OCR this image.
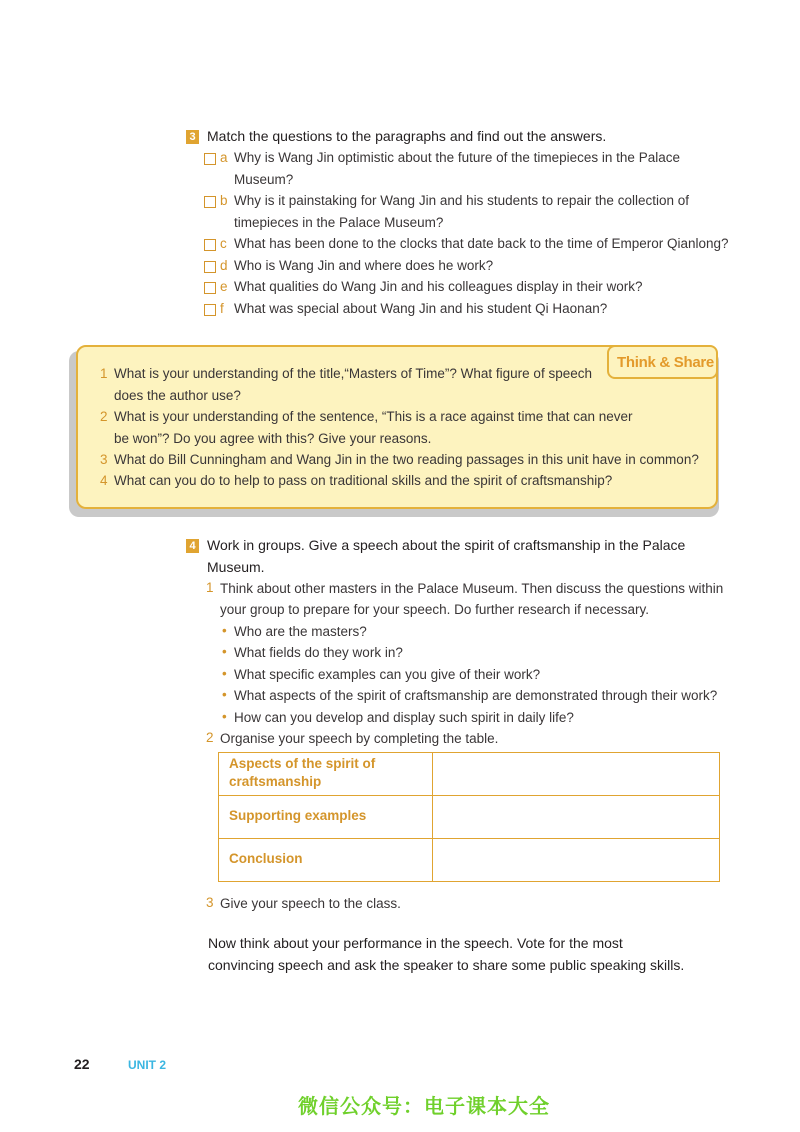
3 Match the questions to the paragraphs and find out the answers.
a Why is Wang Jin optimistic about the future of the timepieces in the Palace
Museum?
b Why is it painstaking for Wang Jin and his students to repair the collection of
timepieces in the Palace Museum?
c What has been done to the clocks that date back to the time of Emperor Qianlong?
d Who is Wang Jin and where does he work?
e What qualities do Wang Jin and his colleagues display in their work?
f What was special about Wang Jin and his student Qi Haonan?
Think & Share
1 What is your understanding of the title,“Masters of Time”? What figure of speech
does the author use?
2 What is your understanding of the sentence, “This is a race against time that can never
be won”? Do you agree with this? Give your reasons.
3 What do Bill Cunningham and Wang Jin in the two reading passages in this unit have in common?
4 What can you do to help to pass on traditional skills and the spirit of craftsmanship?
4 Work in groups. Give a speech about the spirit of craftsmanship in the Palace
Museum.
1 Think about other masters in the Palace Museum. Then discuss the questions within
your group to prepare for your speech. Do further research if necessary.
• Who are the masters?
• What fields do they work in?
• What specific examples can you give of their work?
• What aspects of the spirit of craftsmanship are demonstrated through their work?
• How can you develop and display such spirit in daily life?
2 Organise your speech by completing the table.
Aspects of the spirit of
craftsmanship	

Supporting examples	

Conclusion	

3 Give your speech to the class.
Now think about your performance in the speech. Vote for the most
convincing speech and ask the speaker to share some public speaking skills.
22	UNIT 2
微信公众号：电子课本大全
